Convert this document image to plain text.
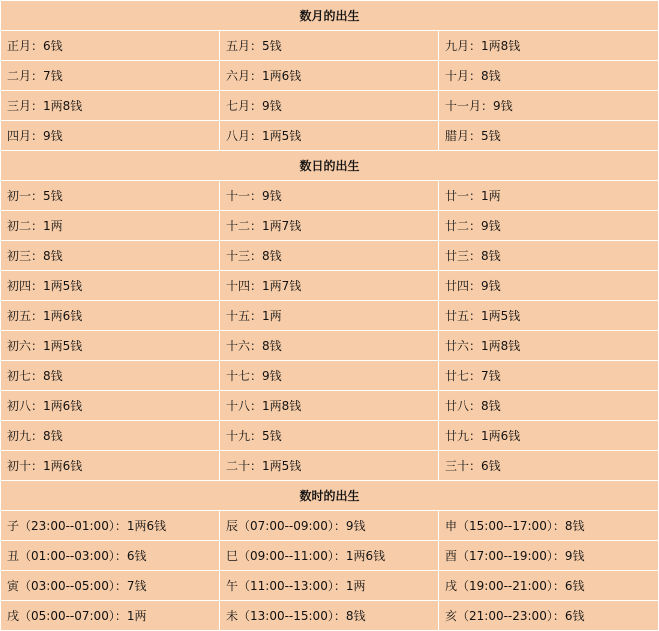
数月的出生		
正月：6钱	五月：5钱	九月：1两8钱
二月：7钱	六月：1两6钱	十月：8钱
三月：1两8钱	七月：9钱	十一月：9钱
四月：9钱	八月：1两5钱	腊月：5钱
数日的出生		
初一：5钱	十一：9钱	廿一：1两
初二：1两	十二：1两7钱	廿二：9钱
初三：8钱	十三：8钱	廿三：8钱
初四：1两5钱	十四：1两7钱	廿四：9钱
初五：1两6钱	十五：1两	廿五：1两5钱
初六：1两5钱	十六：8钱	廿六：1两8钱
初七：8钱	十七：9钱	廿七：7钱
初八：1两6钱	十八：1两8钱	廿八：8钱
初九：8钱	十九：5钱	廿九：1两6钱
初十：1两6钱	二十：1两5钱	三十：6钱
数时的出生		
子（23:00--01:00）：1两6钱	辰（07:00--09:00）：9钱	申（15:00--17:00）：8钱
丑（01:00--03:00）：6钱	巳（09:00--11:00）：1两6钱	酉（17:00--19:00）：9钱
寅（03:00--05:00）：7钱	午（11:00--13:00）：1两	戌（19:00--21:00）：6钱
戌（05:00--07:00）：1两	未（13:00--15:00）：8钱	亥（21:00--23:00）：6钱
